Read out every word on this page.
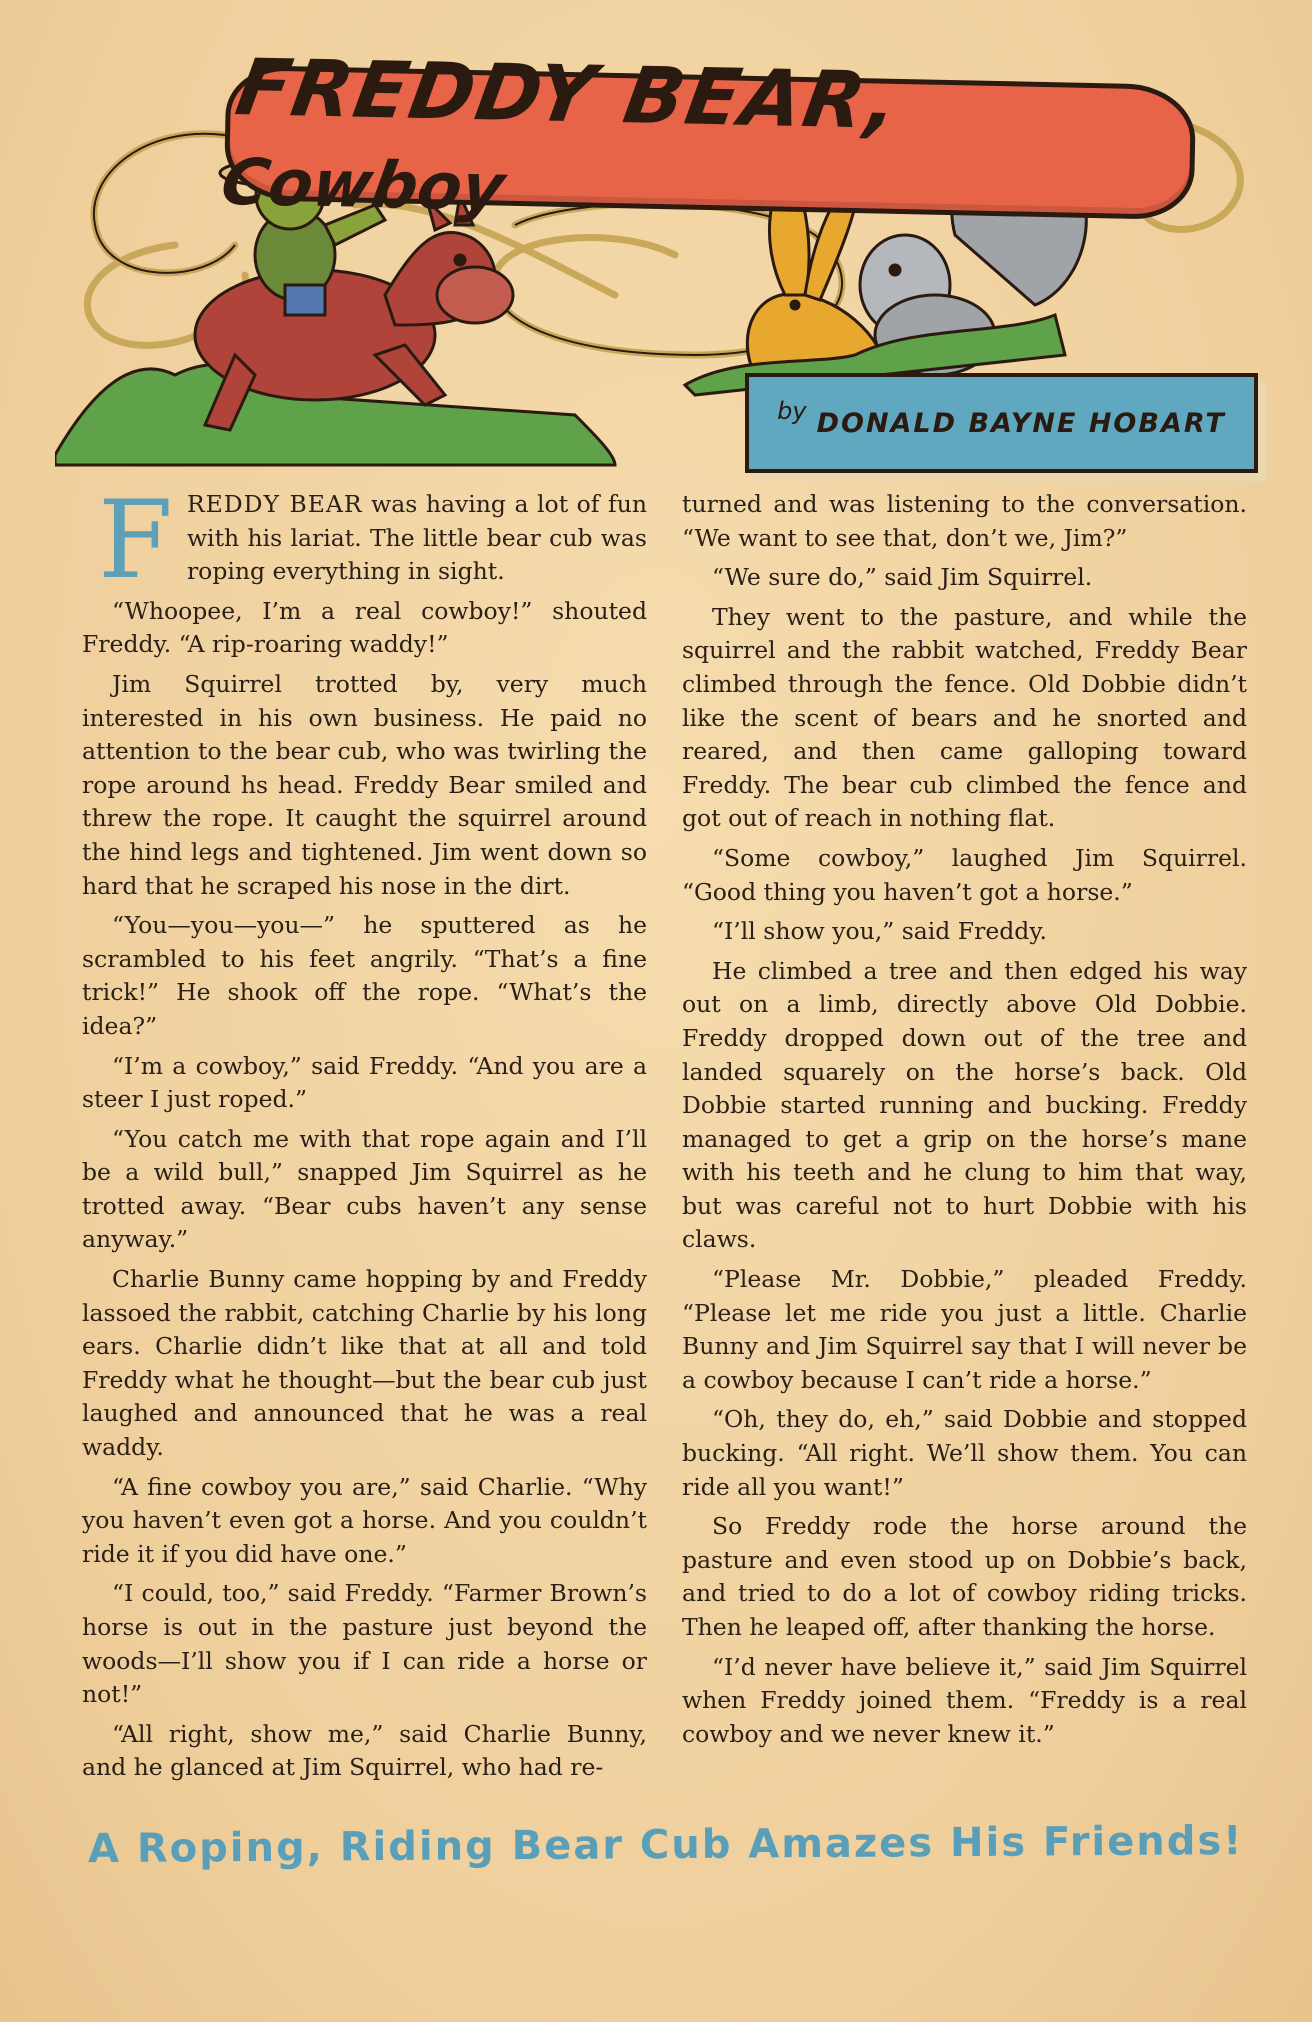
FREDDY BEAR, Cowboy
by DONALD BAYNE HOBART

FREDDY BEAR was having a lot of fun with his lariat. The little bear cub was roping everything in sight.

“Whoopee, I’m a real cowboy!” shouted Freddy. “A rip-roaring waddy!”

Jim Squirrel trotted by, very much interested in his own business. He paid no attention to the bear cub, who was twirling the rope around hs head. Freddy Bear smiled and threw the rope. It caught the squirrel around the hind legs and tightened. Jim went down so hard that he scraped his nose in the dirt.

“You—you—you—” he sputtered as he scrambled to his feet angrily. “That’s a fine trick!” He shook off the rope. “What’s the idea?”

“I’m a cowboy,” said Freddy. “And you are a steer I just roped.”

“You catch me with that rope again and I’ll be a wild bull,” snapped Jim Squirrel as he trotted away. “Bear cubs haven’t any sense anyway.”

Charlie Bunny came hopping by and Freddy lassoed the rabbit, catching Charlie by his long ears. Charlie didn’t like that at all and told Freddy what he thought—but the bear cub just laughed and announced that he was a real waddy.

“A fine cowboy you are,” said Charlie. “Why you haven’t even got a horse. And you couldn’t ride it if you did have one.”

“I could, too,” said Freddy. “Farmer Brown’s horse is out in the pasture just beyond the woods—I’ll show you if I can ride a horse or not!”

“All right, show me,” said Charlie Bunny, and he glanced at Jim Squirrel, who had re-

turned and was listening to the conversation. “We want to see that, don’t we, Jim?”

“We sure do,” said Jim Squirrel.

They went to the pasture, and while the squirrel and the rabbit watched, Freddy Bear climbed through the fence. Old Dobbie didn’t like the scent of bears and he snorted and reared, and then came galloping toward Freddy. The bear cub climbed the fence and got out of reach in nothing flat.

“Some cowboy,” laughed Jim Squirrel. “Good thing you haven’t got a horse.”

“I’ll show you,” said Freddy.

He climbed a tree and then edged his way out on a limb, directly above Old Dobbie. Freddy dropped down out of the tree and landed squarely on the horse’s back. Old Dobbie started running and bucking. Freddy managed to get a grip on the horse’s mane with his teeth and he clung to him that way, but was careful not to hurt Dobbie with his claws.

“Please Mr. Dobbie,” pleaded Freddy. “Please let me ride you just a little. Charlie Bunny and Jim Squirrel say that I will never be a cowboy because I can’t ride a horse.”

“Oh, they do, eh,” said Dobbie and stopped bucking. “All right. We’ll show them. You can ride all you want!”

So Freddy rode the horse around the pasture and even stood up on Dobbie’s back, and tried to do a lot of cowboy riding tricks. Then he leaped off, after thanking the horse.

“I’d never have believe it,” said Jim Squirrel when Freddy joined them. “Freddy is a real cowboy and we never knew it.”

A Roping, Riding Bear Cub Amazes His Friends!
